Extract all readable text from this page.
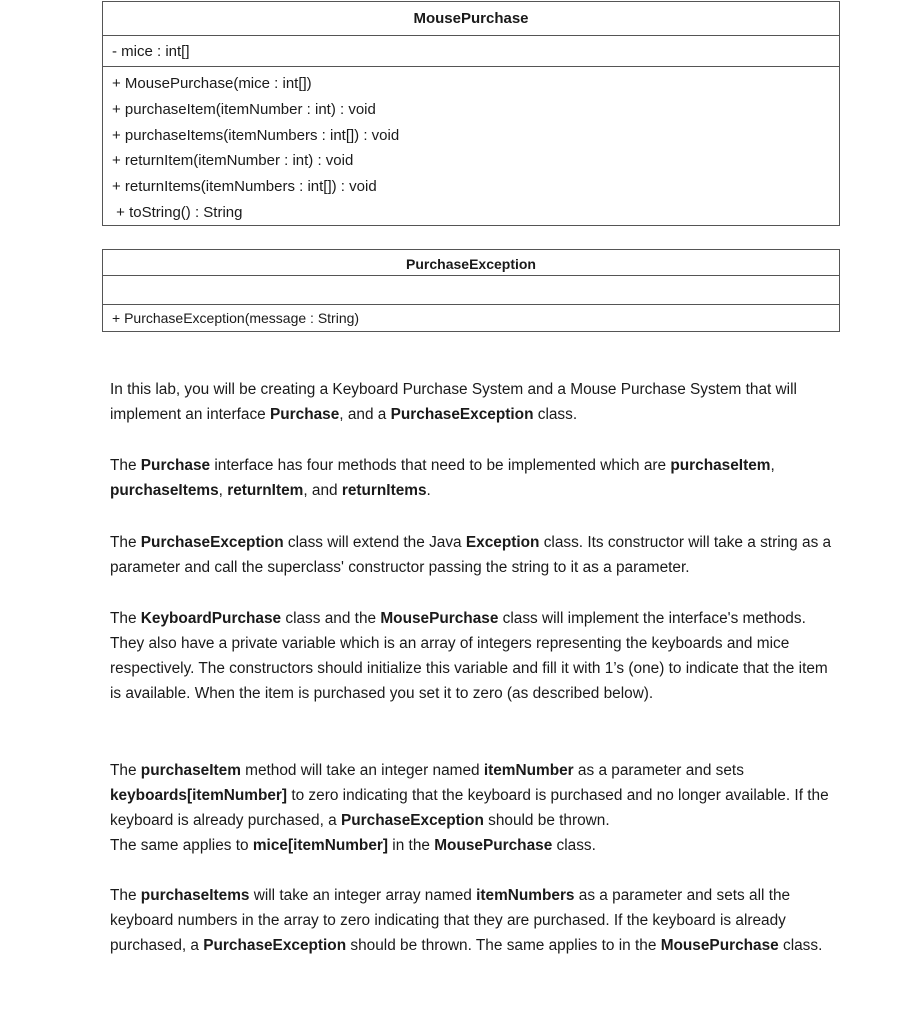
MousePurchase
- mice : int[]
+ MousePurchase(mice : int[])
+ purchaseItem(itemNumber : int) : void
+ purchaseItems(itemNumbers : int[]) : void
+ returnItem(itemNumber : int) : void
+ returnItems(itemNumbers : int[]) : void
+ toString() : String
PurchaseException
+ PurchaseException(message : String)

In this lab, you will be creating a Keyboard Purchase System and a Mouse Purchase System that will implement an interface Purchase, and a PurchaseException class.

The Purchase interface has four methods that need to be implemented which are purchaseItem, purchaseItems, returnItem, and returnItems.

The PurchaseException class will extend the Java Exception class. Its constructor will take a string as a parameter and call the superclass' constructor passing the string to it as a parameter.

The KeyboardPurchase class and the MousePurchase class will implement the interface's methods. They also have a private variable which is an array of integers representing the keyboards and mice respectively. The constructors should initialize this variable and fill it with 1’s (one) to indicate that the item is available. When the item is purchased you set it to zero (as described below).

The purchaseItem method will take an integer named itemNumber as a parameter and sets keyboards[itemNumber] to zero indicating that the keyboard is purchased and no longer available. If the keyboard is already purchased, a PurchaseException should be thrown.
The same applies to mice[itemNumber] in the MousePurchase class.

The purchaseItems will take an integer array named itemNumbers as a parameter and sets all the keyboard numbers in the array to zero indicating that they are purchased. If the keyboard is already purchased, a PurchaseException should be thrown. The same applies to in the MousePurchase class.
